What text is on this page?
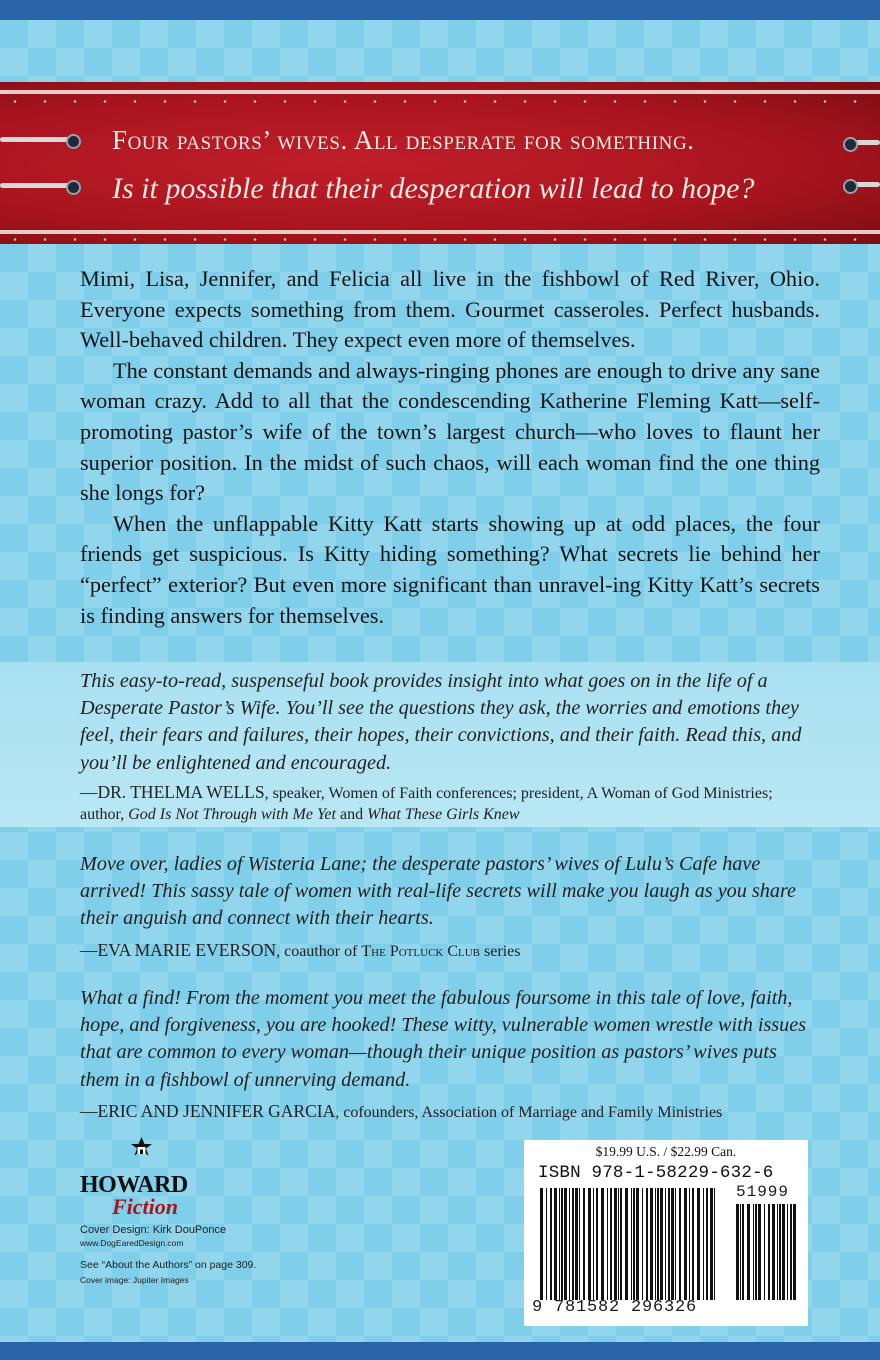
Four pastors’ wives. All desperate for something.
Is it possible that their desperation will lead to hope?

Mimi, Lisa, Jennifer, and Felicia all live in the fishbowl of Red River, Ohio. Everyone expects something from them. Gourmet casseroles. Perfect husbands. Well-behaved children. They expect even more of themselves.

The constant demands and always-ringing phones are enough to drive any sane woman crazy. Add to all that the condescending Katherine Fleming Katt—self-promoting pastor’s wife of the town’s largest church—who loves to flaunt her superior position. In the midst of such chaos, will each woman find the one thing she longs for?

When the unflappable Kitty Katt starts showing up at odd places, the four friends get suspicious. Is Kitty hiding something? What secrets lie behind her “perfect” exterior? But even more significant than unravel-ing Kitty Katt’s secrets is finding answers for themselves.

This easy-to-read, suspenseful book provides insight into what goes on in the life of a Desperate Pastor’s Wife. You’ll see the questions they ask, the worries and emotions they feel, their fears and failures, their hopes, their convictions, and their faith. Read this, and you’ll be enlightened and encouraged.
—DR. THELMA WELLS, speaker, Women of Faith conferences; president, A Woman of God Ministries; author, God Is Not Through with Me Yet and What These Girls Knew
Move over, ladies of Wisteria Lane; the desperate pastors’ wives of Lulu’s Cafe have arrived! This sassy tale of women with real-life secrets will make you laugh as you share their anguish and connect with their hearts.
—EVA MARIE EVERSON, coauthor of The Potluck Club series
What a find! From the moment you meet the fabulous foursome in this tale of love, faith, hope, and forgiveness, you are hooked! These witty, vulnerable women wrestle with issues that are common to every woman—though their unique position as pastors’ wives puts them in a fishbowl of unnerving demand.
—ERIC AND JENNIFER GARCIA, cofounders, Association of Marriage and Family Ministries
HOWARD
Fiction
Cover Design: Kirk DouPonce
www.DogEaredDesign.com
See “About the Authors” on page 309.
Cover image: Jupiter Images
$19.99 U.S. / $22.99 Can.
ISBN 978-1-58229-632-6
51999
9 781582 296326
